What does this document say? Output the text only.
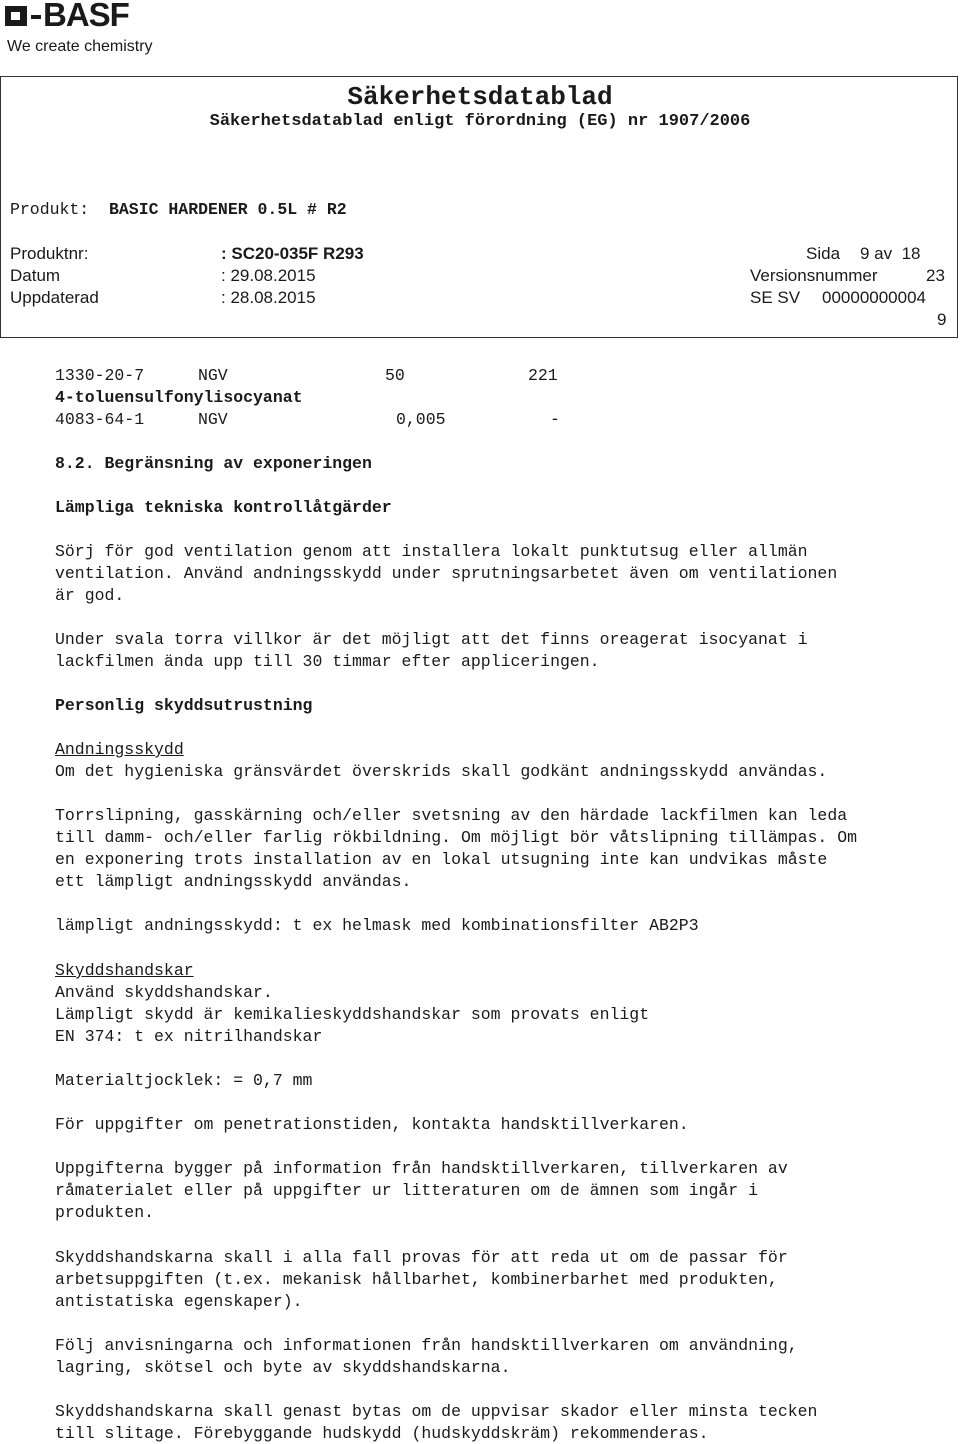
BASF
We create chemistry
Säkerhetsdatablad
Säkerhetsdatablad enligt förordning (EG) nr 1907/2006
Produkt: BASIC HARDENER 0.5L # R2
Produktnr:	: SC20-035F R293	Sida 9 av  18
Datum	: 29.08.2015	Versionsnummer	23
Uppdaterad	: 28.08.2015	SE SV 00000000004
9
1330-20-7	NGV	50	221
4-toluensulfonylisocyanat
4083-64-1	NGV	0,005	-
8.2. Begränsning av exponeringen
Lämpliga tekniska kontrollåtgärder
Sörj för god ventilation genom att installera lokalt punktutsug eller allmän
ventilation. Använd andningsskydd under sprutningsarbetet även om ventilationen
är god.
Under svala torra villkor är det möjligt att det finns oreagerat isocyanat i
lackfilmen ända upp till 30 timmar efter appliceringen.
Personlig skyddsutrustning
Andningsskydd
Om det hygieniska gränsvärdet överskrids skall godkänt andningsskydd användas.
Torrslipning, gasskärning och/eller svetsning av den härdade lackfilmen kan leda
till damm- och/eller farlig rökbildning. Om möjligt bör våtslipning tillämpas. Om
en exponering trots installation av en lokal utsugning inte kan undvikas måste
ett lämpligt andningsskydd användas.
lämpligt andningsskydd: t ex helmask med kombinationsfilter AB2P3
Skyddshandskar
Använd skyddshandskar.
Lämpligt skydd är kemikalieskyddshandskar som provats enligt
EN 374: t ex nitrilhandskar
Materialtjocklek: = 0,7 mm
För uppgifter om penetrationstiden, kontakta handsktillverkaren.
Uppgifterna bygger på information från handsktillverkaren, tillverkaren av
råmaterialet eller på uppgifter ur litteraturen om de ämnen som ingår i
produkten.
Skyddshandskarna skall i alla fall provas för att reda ut om de passar för
arbetsuppgiften (t.ex. mekanisk hållbarhet, kombinerbarhet med produkten,
antistatiska egenskaper).
Följ anvisningarna och informationen från handsktillverkaren om användning,
lagring, skötsel och byte av skyddshandskarna.
Skyddshandskarna skall genast bytas om de uppvisar skador eller minsta tecken
till slitage. Förebyggande hudskydd (hudskyddskräm) rekommenderas.
